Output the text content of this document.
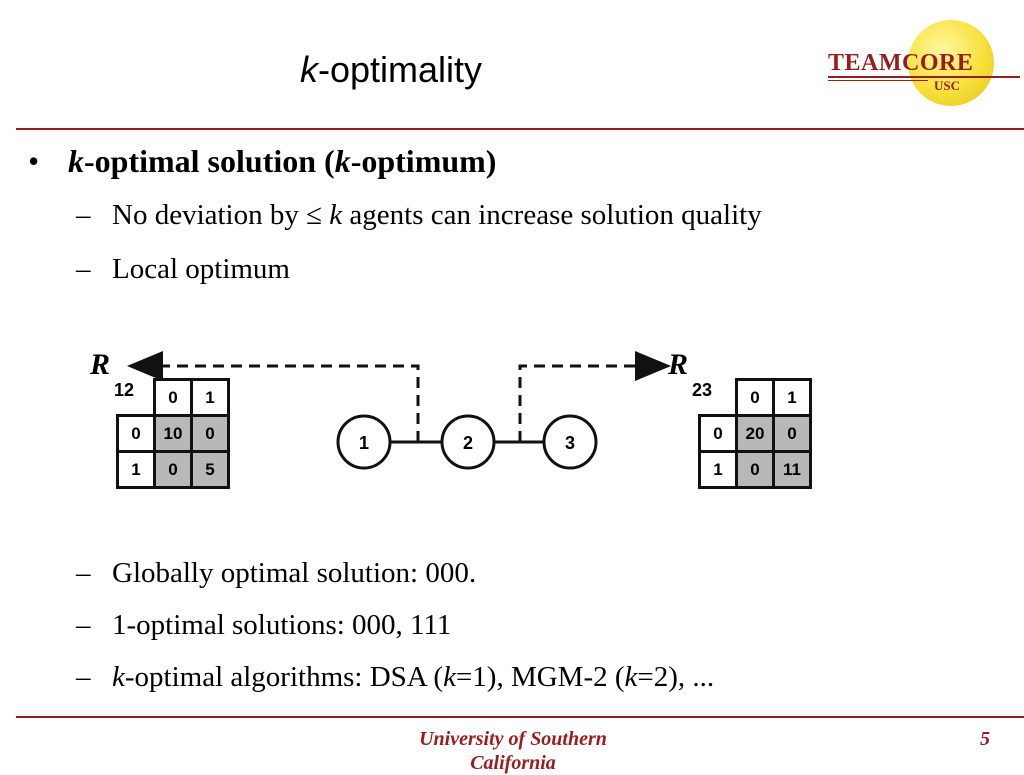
k-optimality	TEAMCORE
USC
• k-optimal solution (k-optimum)
– No deviation by ≤ k agents can increase solution quality
– Local optimum
1	2	3
R
12
	0	1
0	10	0
1	0	5
R
23
	0	1
0	20	0
1	0	11
– Globally optimal solution: 000.
– 1-optimal solutions: 000, 111
– k-optimal algorithms: DSA (k=1), MGM-2 (k=2), ...
University of Southern California
5
